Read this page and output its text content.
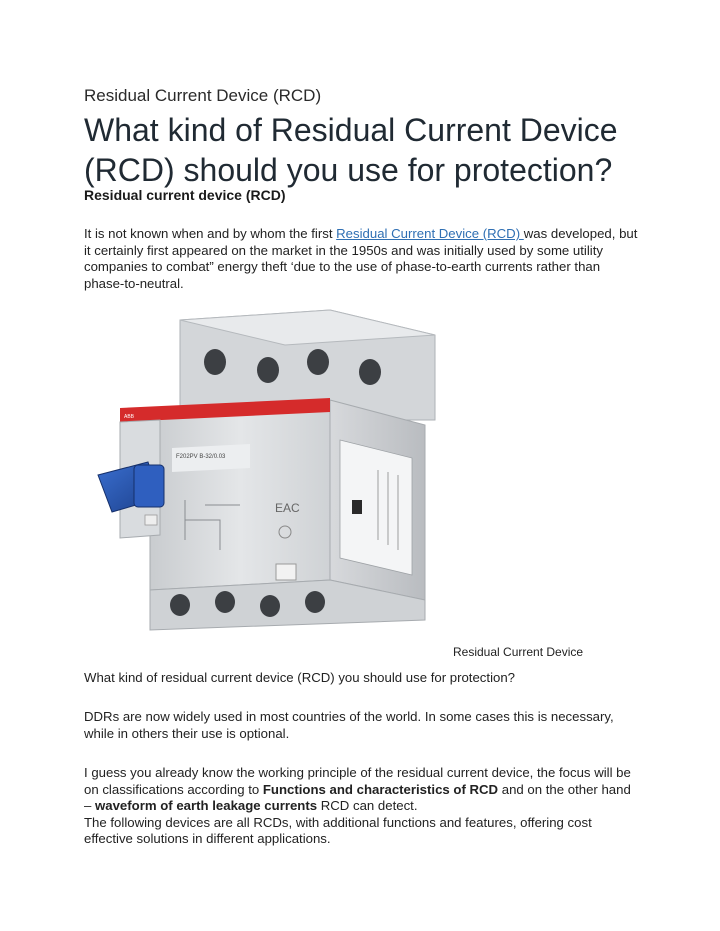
Residual Current Device (RCD)
What kind of Residual Current Device (RCD) should you use for protection?
Residual current device (RCD)
It is not known when and by whom the first Residual Current Device (RCD) was developed, but it certainly first appeared on the market in the 1950s and was initially used by some utility companies to combat” energy theft ‘due to the use of phase-to-earth currents rather than phase-to-neutral.
What kind of residual current device (RCD) you should use for protection?
DDRs are now widely used in most countries of the world. In some cases this is necessary, while in others their use is optional.
I guess you already know the working principle of the residual current device, the focus will be on classifications according to Functions and characteristics of RCD and on the other hand – waveform of earth leakage currents RCD can detect.
The following devices are all RCDs, with additional functions and features, offering cost effective solutions in different applications.
ABB
F202PV B-32/0.03
EAC
Residual Current Device
